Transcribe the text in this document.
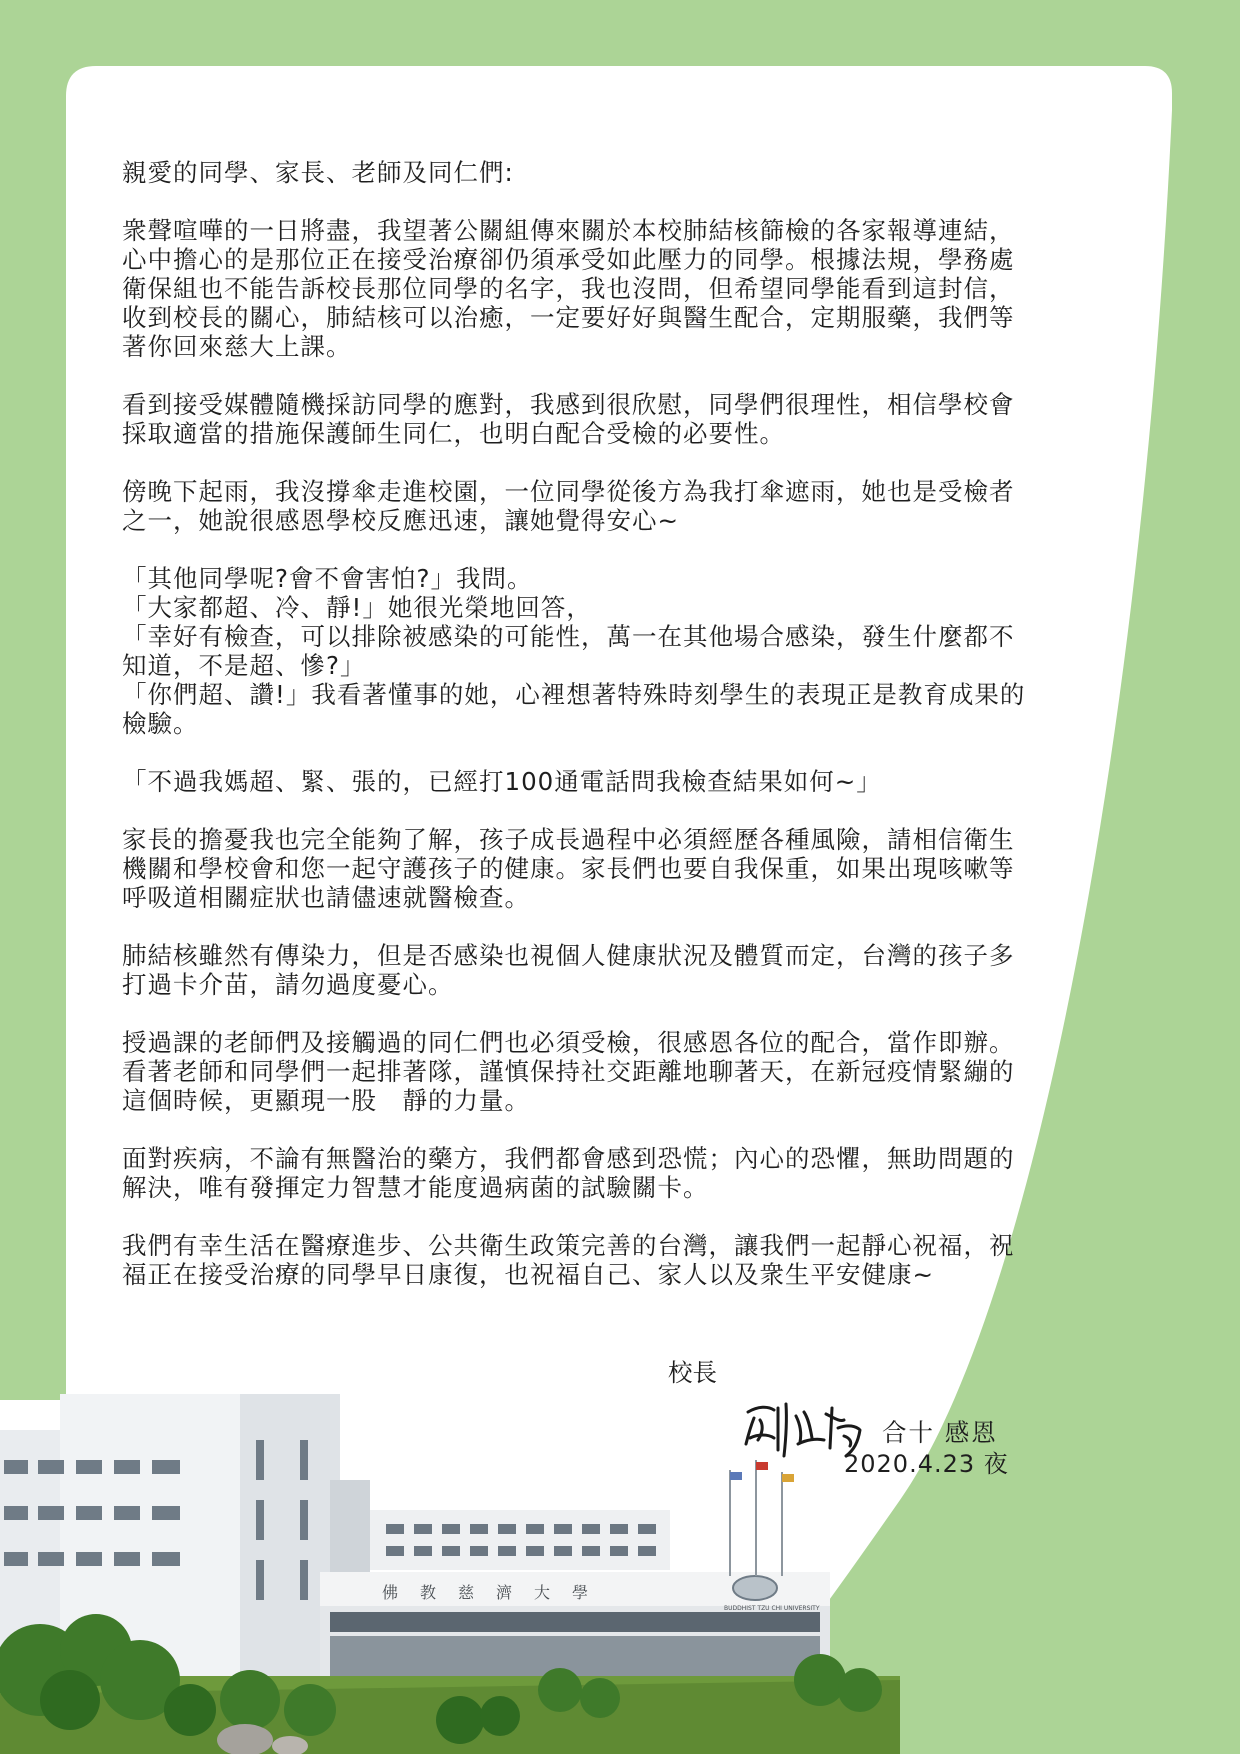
親愛的同學、家長、老師及同仁們:

衆聲喧嘩的一日將盡，我望著公關組傳來關於本校肺結核篩檢的各家報導連結，
心中擔心的是那位正在接受治療卻仍須承受如此壓力的同學。根據法規，學務處
衛保組也不能告訴校長那位同學的名字，我也沒問，但希望同學能看到這封信，
收到校長的關心，肺結核可以治癒，一定要好好與醫生配合，定期服藥，我們等
著你回來慈大上課。

看到接受媒體隨機採訪同學的應對，我感到很欣慰，同學們很理性，相信學校會
採取適當的措施保護師生同仁，也明白配合受檢的必要性。

傍晚下起雨，我沒撐傘走進校園，一位同學從後方為我打傘遮雨，她也是受檢者
之一，她說很感恩學校反應迅速，讓她覺得安心~

「其他同學呢?會不會害怕?」我問。

「大家都超、冷、靜!」她很光榮地回答，

「幸好有檢查，可以排除被感染的可能性，萬一在其他場合感染，發生什麼都不
知道，不是超、慘?」

「你們超、讚!」我看著懂事的她，心裡想著特殊時刻學生的表現正是教育成果的
檢驗。

「不過我媽超、緊、張的，已經打100通電話問我檢查結果如何~」

家長的擔憂我也完全能夠了解，孩子成長過程中必須經歷各種風險，請相信衛生
機關和學校會和您一起守護孩子的健康。家長們也要自我保重，如果出現咳嗽等
呼吸道相關症狀也請儘速就醫檢查。

肺結核雖然有傳染力，但是否感染也視個人健康狀況及體質而定，台灣的孩子多
打過卡介苗，請勿過度憂心。

授過課的老師們及接觸過的同仁們也必須受檢，很感恩各位的配合，當作即辦。
看著老師和同學們一起排著隊，謹慎保持社交距離地聊著天，在新冠疫情緊繃的
這個時候，更顯現一股　靜的力量。

面對疾病，不論有無醫治的藥方，我們都會感到恐慌；內心的恐懼，無助問題的
解決，唯有發揮定力智慧才能度過病菌的試驗關卡。

我們有幸生活在醫療進步、公共衛生政策完善的台灣，讓我們一起靜心祝福，祝
福正在接受治療的同學早日康復，也祝福自己、家人以及衆生平安健康~

校長
合十 感恩
2020.4.23 夜
佛教慈濟大學
BUDDHIST TZU CHI UNIVERSITY
